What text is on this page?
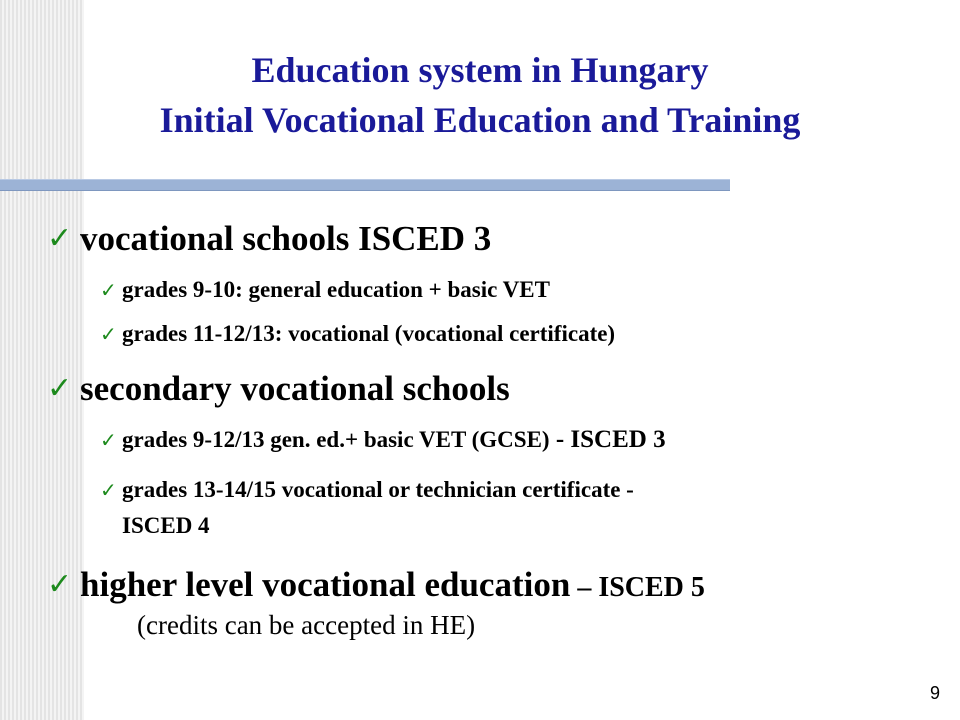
Education system in Hungary
Initial Vocational Education and Training
✓ vocational schools ISCED 3
✓ grades 9-10: general education + basic VET
✓ grades 11-12/13: vocational (vocational certificate)
✓ secondary vocational schools
✓ grades 9-12/13 gen. ed.+ basic VET (GCSE) - ISCED 3
✓ grades 13-14/15 vocational or technician certificate -
ISCED 4
✓ higher level vocational education – ISCED 5
(credits can be accepted in HE)
9
